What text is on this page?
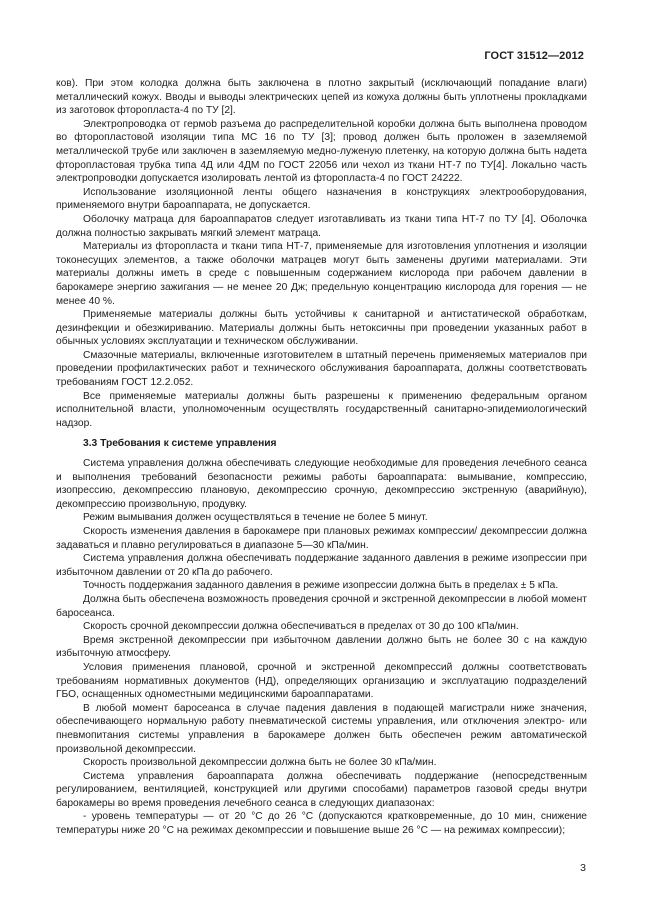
ГОСТ 31512—2012

ков). При этом колодка должна быть заключена в плотно закрытый (исключающий попадание влаги) металлический кожух. Вводы и выводы электрических цепей из кожуха должны быть уплотнены прокладками из заготовок фторопласта-4 по ТУ [2].

Электропроводка от гермоb разъема до распределительной коробки должна быть выполнена проводом во фторопластовой изоляции типа МС 16 по ТУ [3]; провод должен быть проложен в заземляемой металлической трубе или заключен в заземляемую медно-луженую плетенку, на которую должна быть надета фторопластовая трубка типа 4Д или 4ДМ по ГОСТ 22056 или чехол из ткани НТ-7 по ТУ[4]. Локально часть электропроводки допускается изолировать лентой из фторопласта-4 по ГОСТ 24222.

Использование изоляционной ленты общего назначения в конструкциях электрооборудования, применяемого внутри бароаппарата, не допускается.

Оболочку матраца для бароаппаратов следует изготавливать из ткани типа НТ-7 по ТУ [4]. Оболочка должна полностью закрывать мягкий элемент матраца.

Материалы из фторопласта и ткани типа НТ-7, применяемые для изготовления уплотнения и изоляции токонесущих элементов, а также оболочки матрацев могут быть заменены другими материалами. Эти материалы должны иметь в среде с повышенным содержанием кислорода при рабочем давлении в барокамере энергию зажигания — не менее 20 Дж; предельную концентрацию кислорода для горения — не менее 40 %.

Применяемые материалы должны быть устойчивы к санитарной и антистатической обработкам, дезинфекции и обезжириванию. Материалы должны быть нетоксичны при проведении указанных работ в обычных условиях эксплуатации и техническом обслуживании.

Смазочные материалы, включенные изготовителем в штатный перечень применяемых материалов при проведении профилактических работ и технического обслуживания бароаппарата, должны соответствовать требованиям ГОСТ 12.2.052.

Все применяемые материалы должны быть разрешены к применению федеральным органом исполнительной власти, уполномоченным осуществлять государственный санитарно-эпидемиологический надзор.

3.3 Требования к системе управления

Система управления должна обеспечивать следующие необходимые для проведения лечебного сеанса и выполнения требований безопасности режимы работы бароаппарата: вымывание, компрессию, изопрессию, декомпрессию плановую, декомпрессию срочную, декомпрессию экстренную (аварийную), декомпрессию произвольную, продувку.

Режим вымывания должен осуществляться в течение не более 5 минут.

Скорость изменения давления в барокамере при плановых режимах компрессии/ декомпрессии должна задаваться и плавно регулироваться в диапазоне 5—30 кПа/мин.

Система управления должна обеспечивать поддержание заданного давления в режиме изопрессии при избыточном давлении от 20 кПа до рабочего.

Точность поддержания заданного давления в режиме изопрессии должна быть в пределах ± 5 кПа.

Должна быть обеспечена возможность проведения срочной и экстренной декомпрессии в любой момент бaросеанса.

Скорость срочной декомпрессии должна обеспечиваться в пределах от 30 до 100 кПа/мин.

Время экстренной декомпрессии при избыточном давлении должно быть не более 30 с на каждую избыточную атмосферу.

Условия применения плановой, срочной и экстренной декомпрессий должны соответствовать требованиям нормативных документов (НД), определяющих организацию и эксплуатацию подразделений ГБО, оснащенных одноместными медицинскими бароаппаратами.

В любой момент бaросеанса в случае падения давления в подающей магистрали ниже значения, обеспечивающего нормальную работу пневматической системы управления, или отключения электро- или пневмопитания системы управления в барокамере должен быть обеспечен режим автоматической произвольной декомпрессии.

Скорость произвольной декомпрессии должна быть не более 30 кПа/мин.

Система управления бароаппарата должна обеспечивать поддержание (непосредственным регулированием, вентиляцией, конструкцией или другими способами) параметров газовой среды внутри барокамеры во время проведения лечебного сеанса в следующих диапазонах:

- уровень температуры — от 20 °С до 26 °С (допускаются кратковременные, до 10 мин, снижение температуры ниже 20 °С на режимах декомпрессии и повышение выше 26 °С — на режимах компрессии);

3
